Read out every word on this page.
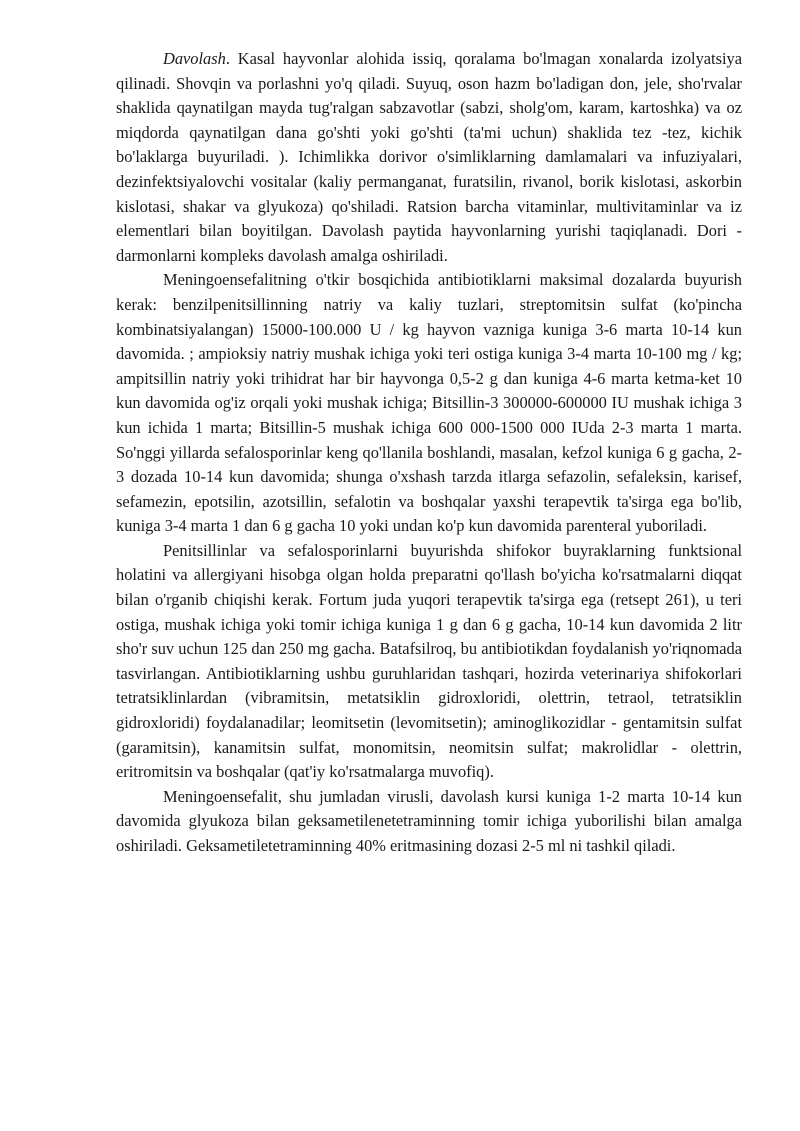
Davolash. Kasal hayvonlar alohida issiq, qoralama bo'lmagan xonalarda izolyatsiya qilinadi. Shovqin va porlashni yo'q qiladi. Suyuq, oson hazm bo'ladigan don, jele, sho'rvalar shaklida qaynatilgan mayda tug'ralgan sabzavotlar (sabzi, sholg'om, karam, kartoshka) va oz miqdorda qaynatilgan dana go'shti yoki go'shti (ta'mi uchun) shaklida tez -tez, kichik bo'laklarga buyuriladi. ). Ichimlikka dorivor o'simliklarning damlamalari va infuziyalari, dezinfektsiyalovchi vositalar (kaliy permanganat, furatsilin, rivanol, borik kislotasi, askorbin kislotasi, shakar va glyukoza) qo'shiladi. Ratsion barcha vitaminlar, multivitaminlar va iz elementlari bilan boyitilgan. Davolash paytida hayvonlarning yurishi taqiqlanadi. Dori -darmonlarni kompleks davolash amalga oshiriladi.

Meningoensefalitning o'tkir bosqichida antibiotiklarni maksimal dozalarda buyurish kerak: benzilpenitsillinning natriy va kaliy tuzlari, streptomitsin sulfat (ko'pincha kombinatsiyalangan) 15000-100.000 U / kg hayvon vazniga kuniga 3-6 marta 10-14 kun davomida. ; ampioksiy natriy mushak ichiga yoki teri ostiga kuniga 3-4 marta 10-100 mg / kg; ampitsillin natriy yoki trihidrat har bir hayvonga 0,5-2 g dan kuniga 4-6 marta ketma-ket 10 kun davomida og'iz orqali yoki mushak ichiga; Bitsillin-3 300000-600000 IU mushak ichiga 3 kun ichida 1 marta; Bitsillin-5 mushak ichiga 600 000-1500 000 IUda 2-3 marta 1 marta. So'nggi yillarda sefalosporinlar keng qo'llanila boshlandi, masalan, kefzol kuniga 6 g gacha, 2-3 dozada 10-14 kun davomida; shunga o'xshash tarzda itlarga sefazolin, sefaleksin, karisef, sefamezin, epotsilin, azotsillin, sefalotin va boshqalar yaxshi terapevtik ta'sirga ega bo'lib, kuniga 3-4 marta 1 dan 6 g gacha 10 yoki undan ko'p kun davomida parenteral yuboriladi.

Penitsillinlar va sefalosporinlarni buyurishda shifokor buyraklarning funktsional holatini va allergiyani hisobga olgan holda preparatni qo'llash bo'yicha ko'rsatmalarni diqqat bilan o'rganib chiqishi kerak. Fortum juda yuqori terapevtik ta'sirga ega (retsept 261), u teri ostiga, mushak ichiga yoki tomir ichiga kuniga 1 g dan 6 g gacha, 10-14 kun davomida 2 litr sho'r suv uchun 125 dan 250 mg gacha. Batafsilroq, bu antibiotikdan foydalanish yo'riqnomada tasvirlangan. Antibiotiklarning ushbu guruhlaridan tashqari, hozirda veterinariya shifokorlari tetratsiklinlardan (vibramitsin, metatsiklin gidroxloridi, olettrin, tetraol, tetratsiklin gidroxloridi) foydalanadilar; leomitsetin (levomitsetin); aminoglikozidlar - gentamitsin sulfat (garamitsin), kanamitsin sulfat, monomitsin, neomitsin sulfat; makrolidlar - olettrin, eritromitsin va boshqalar (qat'iy ko'rsatmalarga muvofiq).

Meningoensefalit, shu jumladan virusli, davolash kursi kuniga 1-2 marta 10-14 kun davomida glyukoza bilan geksametilenetetraminning tomir ichiga yuborilishi bilan amalga oshiriladi. Geksametiletetraminning 40% eritmasining dozasi 2-5 ml ni tashkil qiladi.
